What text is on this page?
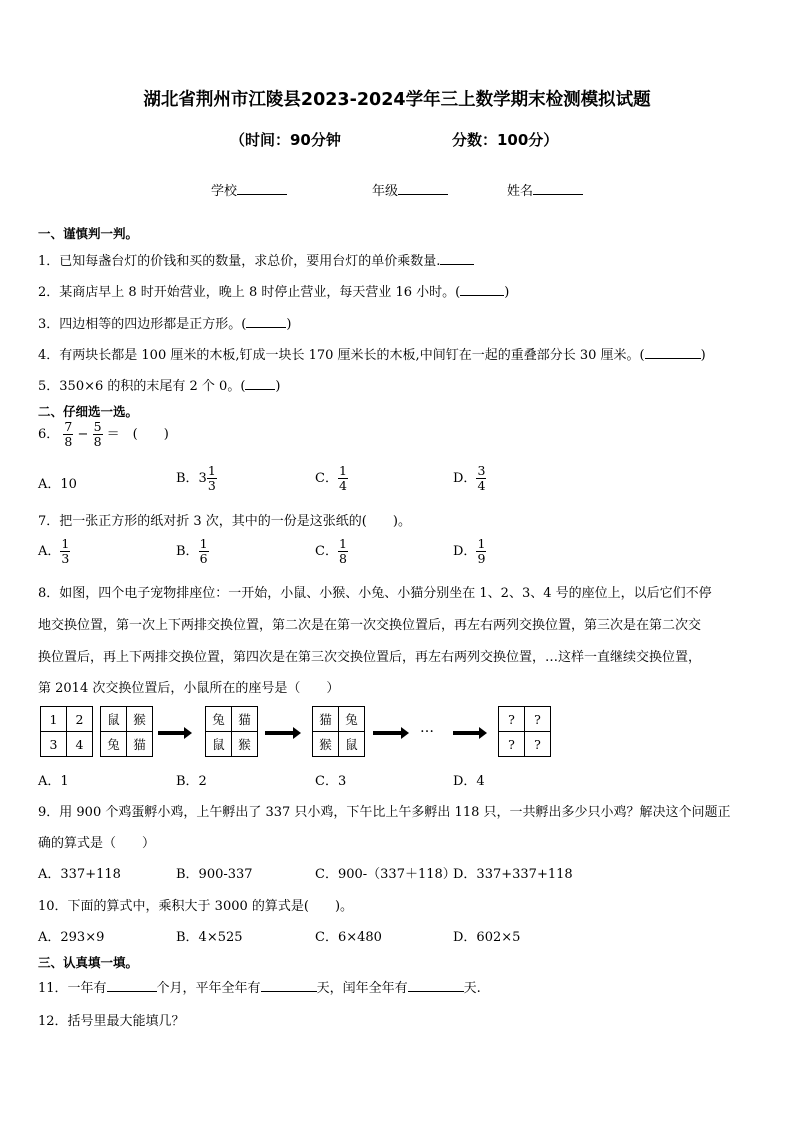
湖北省荆州市江陵县2023-2024学年三上数学期末检测模拟试题
（时间：90分钟	分数：100分）
学校	年级	姓名
一、谨慎判一判。
1．已知每盏台灯的价钱和买的数量，求总价，要用台灯的单价乘数量.
2．某商店早上 8 时开始营业，晚上 8 时停止营业，每天营业 16 小时。(	)
3．四边相等的四边形都是正方形。(	)
4．有两块长都是 100 厘米的木板,钉成一块长 170 厘米长的木板,中间钉在一起的重叠部分长 30 厘米。(	)
5．350×6 的积的末尾有 2 个 0。( )
二、仔细选一选。
6． $\frac{7}{8} - \frac{5}{8}$ ＝　(　　)
A．10	B．$3 \frac{1}{3}$	C． $\frac{1}{4}$	D． $\frac{3}{4}$
7．把一张正方形的纸对折 3 次，其中的一份是这张纸的(　　)。
A． $\frac{1}{3}$	B． $\frac{1}{6}$	C． $\frac{1}{8}$	D． $\frac{1}{9}$
8．如图，四个电子宠物排座位：一开始，小鼠、小猴、小兔、小猫分别坐在 1、2、3、4 号的座位上，以后它们不停
地交换位置，第一次上下两排交换位置，第二次是在第一次交换位置后，再左右两列交换位置，第三次是在第二次交
换位置后，再上下两排交换位置，第四次是在第三次交换位置后，再左右两列交换位置，…这样一直继续交换位置，
第 2014 次交换位置后，小鼠所在的座号是（　　）
1	2
3	4
鼠	猴
兔	猫
兔	猫
鼠	猴
猫	兔
猴	鼠
…
?	?
?	?
A．1	B．2	C．3	D．4
9．用 900 个鸡蛋孵小鸡，上午孵出了 337 只小鸡，下午比上午多孵出 118 只，一共孵出多少只小鸡？解决这个问题正
确的算式是（　　）
A．337+118	B．900-337	C．900-（337＋118）
D．337+337+118
10．下面的算式中，乘积大于 3000 的算式是(　　)。
A．293×9	B．4×525	C．6×480	D．602×5
三、认真填一填。
11．一年有	个月，平年全年有	天，闰年全年有	天.
12．括号里最大能填几？
